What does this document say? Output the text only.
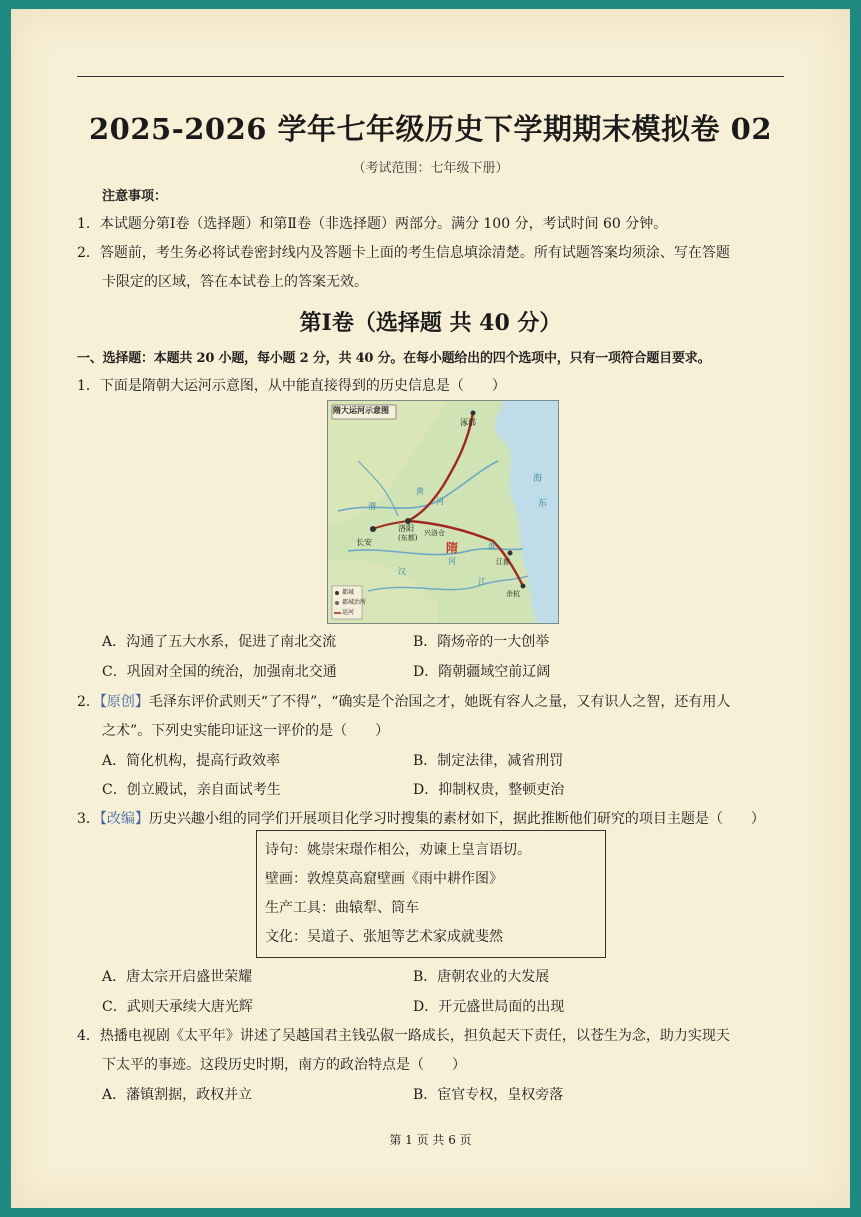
2025-2026 学年七年级历史下学期期末模拟卷 02
（考试范围：七年级下册）
注意事项：
1．本试题分第Ⅰ卷（选择题）和第Ⅱ卷（非选择题）两部分。满分 100 分，考试时间 60 分钟。
2．答题前，考生务必将试卷密封线内及答题卡上面的考生信息填涂清楚。所有试题答案均须涂、写在答题
卡限定的区域，答在本试卷上的答案无效。
第Ⅰ卷（选择题 共 40 分）
一、选择题：本题共 20 小题，每小题 2 分，共 40 分。在每小题给出的四个选项中，只有一项符合题目要求。
1．下面是隋朝大运河示意图，从中能直接得到的历史信息是（　　）
隋大运河示意图
涿郡
洛阳
(东都)
兴洛仓
长安	隋
江都
余杭
海
东
黄
河
江
淮
河
渭
汉
都城
郡城治所
运河
A．沟通了五大水系，促进了南北交流	B．隋炀帝的一大创举
C．巩固对全国的统治，加强南北交通	D．隋朝疆域空前辽阔
2．【原创】毛泽东评价武则天“了不得”，“确实是个治国之才，她既有容人之量，又有识人之智，还有用人
之术”。下列史实能印证这一评价的是（　　）
A．简化机构，提高行政效率	B．制定法律，减省刑罚
C．创立殿试，亲自面试考生	D．抑制权贵，整顿吏治
3．【改编】历史兴趣小组的同学们开展项目化学习时搜集的素材如下，据此推断他们研究的项目主题是（　　）
诗句：姚崇宋璟作相公，劝谏上皇言语切。
壁画：敦煌莫高窟壁画《雨中耕作图》
生产工具：曲辕犁、筒车
文化：吴道子、张旭等艺术家成就斐然
A．唐太宗开启盛世荣耀	B．唐朝农业的大发展
C．武则天承续大唐光辉	D．开元盛世局面的出现
4．热播电视剧《太平年》讲述了吴越国君主钱弘俶一路成长，担负起天下责任，以苍生为念，助力实现天
下太平的事迹。这段历史时期，南方的政治特点是（　　）
A．藩镇割据，政权并立	B．宦官专权，皇权旁落
第 1 页 共 6 页
